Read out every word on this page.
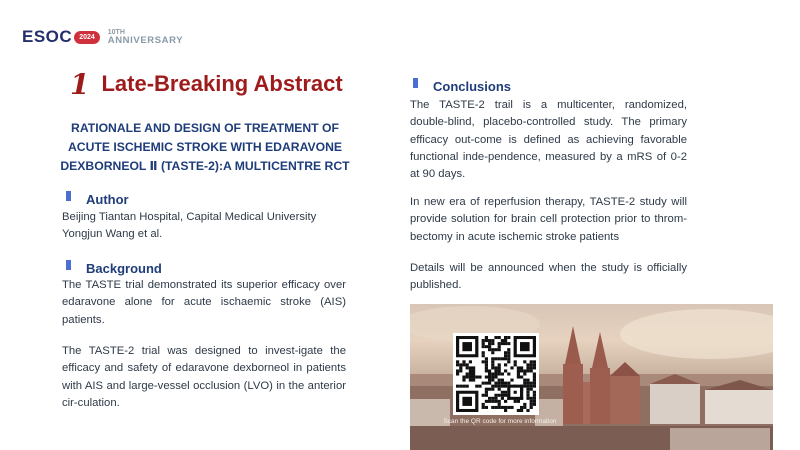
ESOC	2024
10TH
ANNIVERSARY
1 Late-Breaking Abstract
RATIONALE AND DESIGN OF TREATMENT OF
ACUTE ISCHEMIC STROKE WITH EDARAVONE
DEXBORNEOL Ⅱ (TASTE-2):A MULTICENTRE RCT
Author
Beijing Tiantan Hospital, Capital Medical University
Yongjun Wang et al.
Background
The TASTE trial demonstrated its superior efficacy over edaravone alone for acute ischaemic stroke (AIS) patients.
The TASTE-2 trial was designed to invest-igate the efficacy and safety of edaravone dexborneol in patients with AIS and large-vessel occlusion (LVO) in the anterior cir-culation.
Conclusions
The TASTE-2 trail is a multicenter, randomized, double-blind, placebo-controlled study. The primary efficacy out-come is defined as achieving favorable functional inde-pendence, measured by a mRS of 0-2 at 90 days.
In new era of reperfusion therapy, TASTE-2 study will provide solution for brain cell protection prior to throm-bectomy in acute ischemic stroke patients
Details will be announced when the study is officially published.
Scan the QR code for more information
